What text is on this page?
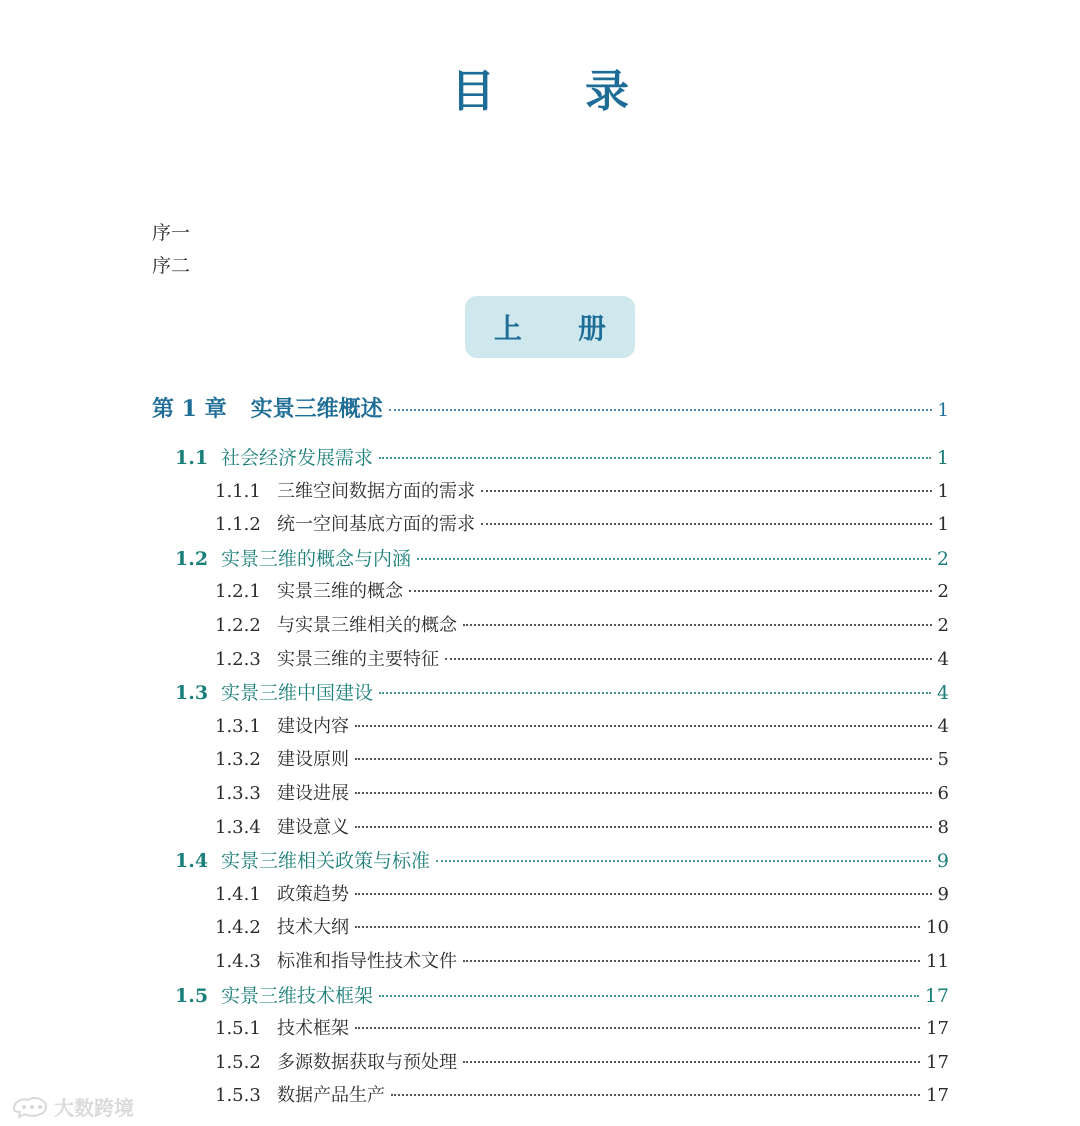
目 录
序一
序二
上 册
第 1 章 实景三维概述	1
1.1 社会经济发展需求	1
1.1.1 三维空间数据方面的需求	1
1.1.2 统一空间基底方面的需求	1
1.2 实景三维的概念与内涵	2
1.2.1 实景三维的概念	2
1.2.2 与实景三维相关的概念	2
1.2.3 实景三维的主要特征	4
1.3 实景三维中国建设	4
1.3.1 建设内容	4
1.3.2 建设原则	5
1.3.3 建设进展	6
1.3.4 建设意义	8
1.4 实景三维相关政策与标准	9
1.4.1 政策趋势	9
1.4.2 技术大纲	10
1.4.3 标准和指导性技术文件	11
1.5 实景三维技术框架	17
1.5.1 技术框架	17
1.5.2 多源数据获取与预处理	17
1.5.3 数据产品生产	17
大数跨境
